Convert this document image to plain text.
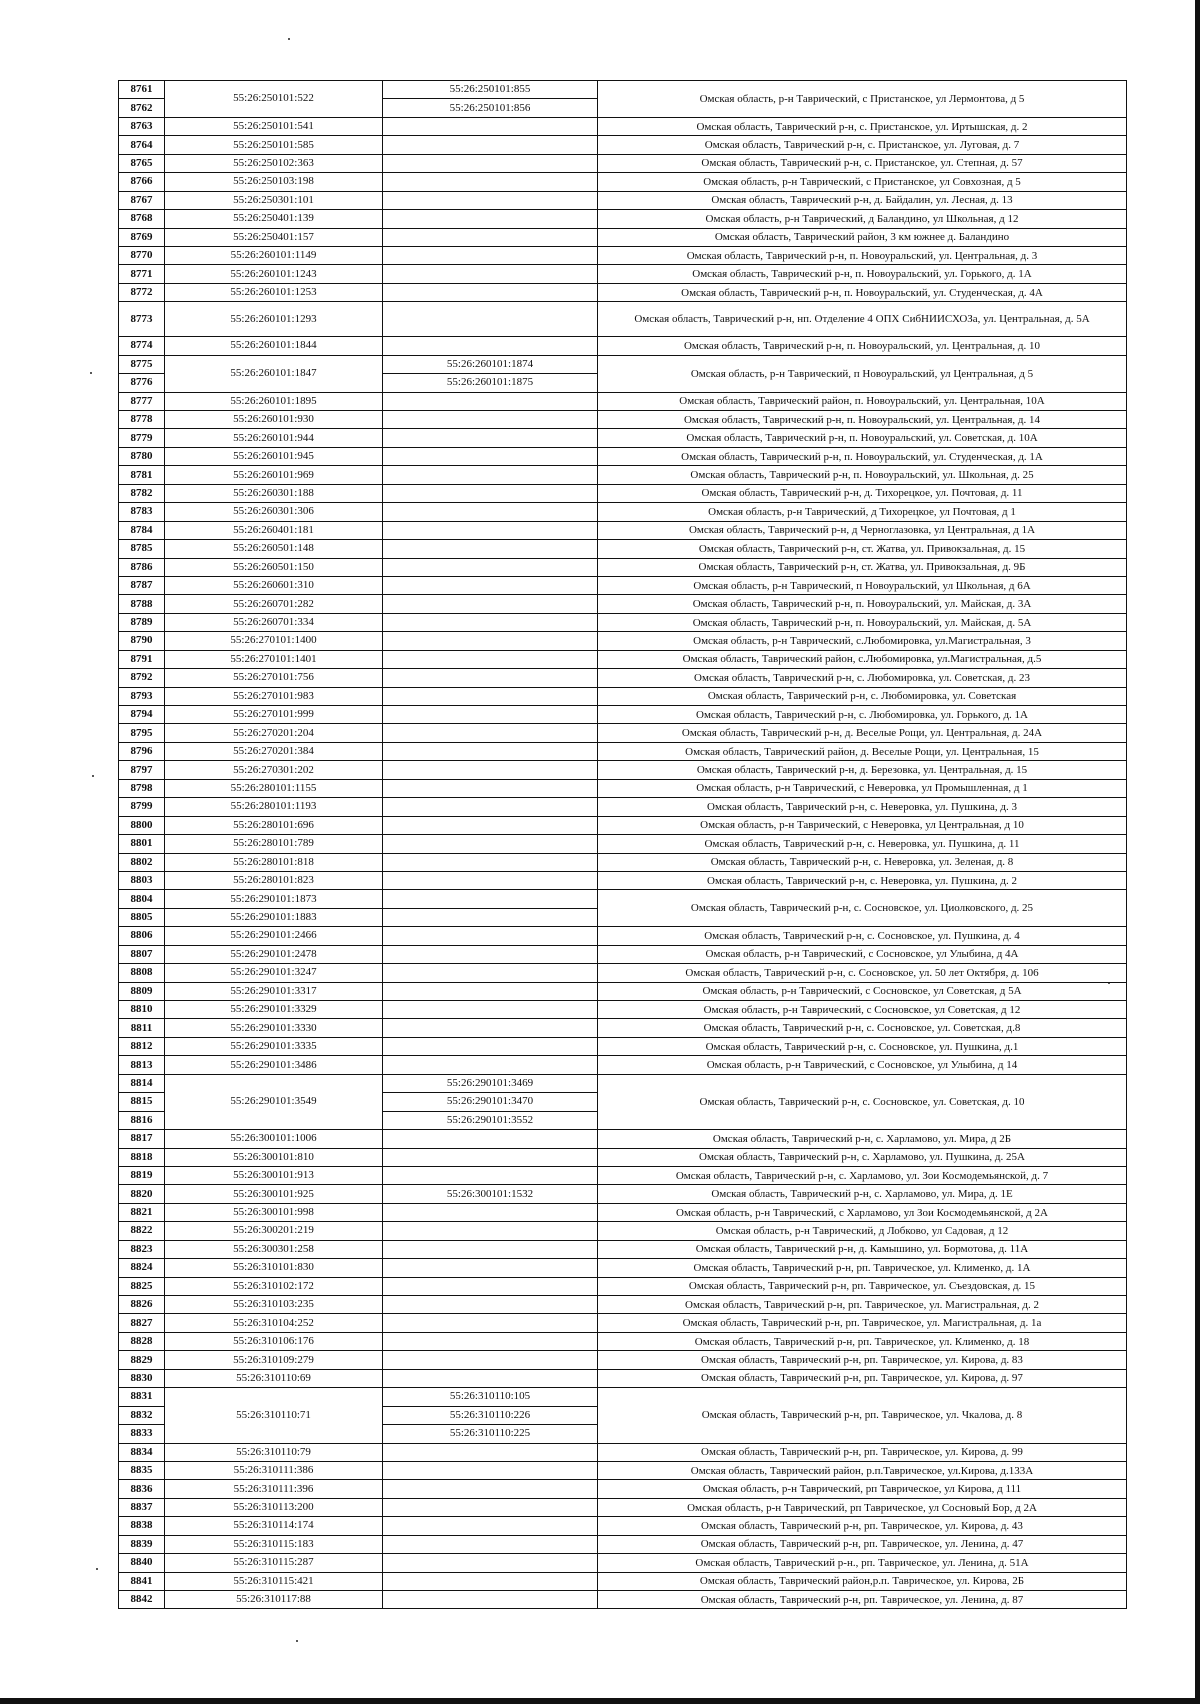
8761	55:26:250101:522	55:26:250101:855	Омская область, р-н Таврический, с Пристанское, ул Лермонтова, д 5
8762		55:26:250101:856	
8763	55:26:250101:541		Омская область, Таврический р-н, с. Пристанское, ул. Иртышская, д. 2
8764	55:26:250101:585		Омская область, Таврический р-н, с. Пристанское, ул. Луговая, д. 7
8765	55:26:250102:363		Омская область, Таврический р-н, с. Пристанское, ул. Степная, д. 57
8766	55:26:250103:198		Омская область, р-н Таврический, с Пристанское, ул Совхозная, д 5
8767	55:26:250301:101		Омская область, Таврический р-н, д. Байдалин, ул. Лесная, д. 13
8768	55:26:250401:139		Омская область, р-н Таврический, д Баландино, ул Школьная, д 12
8769	55:26:250401:157		Омская область, Таврический район, 3 км южнее д. Баландино
8770	55:26:260101:1149		Омская область, Таврический р-н, п. Новоуральский, ул. Центральная, д. 3
8771	55:26:260101:1243		Омская область, Таврический р-н, п. Новоуральский, ул. Горького, д. 1А
8772	55:26:260101:1253		Омская область, Таврический р-н, п. Новоуральский, ул. Студенческая, д. 4А
8773	55:26:260101:1293		Омская область, Таврический р-н, нп. Отделение 4 ОПХ СибНИИСХОЗа, ул. Центральная, д. 5А
8774	55:26:260101:1844		Омская область, Таврический р-н, п. Новоуральский, ул. Центральная, д. 10
8775	55:26:260101:1847	55:26:260101:1874	Омская область, р-н Таврический, п Новоуральский, ул Центральная, д 5
8776		55:26:260101:1875	
8777	55:26:260101:1895		Омская область, Таврический район, п. Новоуральский, ул. Центральная, 10А
8778	55:26:260101:930		Омская область, Таврический р-н, п. Новоуральский, ул. Центральная, д. 14
8779	55:26:260101:944		Омская область, Таврический р-н, п. Новоуральский, ул. Советская, д. 10А
8780	55:26:260101:945		Омская область, Таврический р-н, п. Новоуральский, ул. Студенческая, д. 1А
8781	55:26:260101:969		Омская область, Таврический р-н, п. Новоуральский, ул. Школьная, д. 25
8782	55:26:260301:188		Омская область, Таврический р-н, д. Тихорецкое, ул. Почтовая, д. 11
8783	55:26:260301:306		Омская область, р-н Таврический, д Тихорецкое, ул Почтовая, д 1
8784	55:26:260401:181		Омская область, Таврический р-н, д Черноглазовка, ул Центральная, д 1А
8785	55:26:260501:148		Омская область, Таврический р-н, ст. Жатва, ул. Привокзальная, д. 15
8786	55:26:260501:150		Омская область, Таврический р-н, ст. Жатва, ул. Привокзальная, д. 9Б
8787	55:26:260601:310		Омская область, р-н Таврический, п Новоуральский, ул Школьная, д 6А
8788	55:26:260701:282		Омская область, Таврический р-н, п. Новоуральский, ул. Майская, д. 3А
8789	55:26:260701:334		Омская область, Таврический р-н, п. Новоуральский, ул. Майская, д. 5А
8790	55:26:270101:1400		Омская область, р-н Таврический, с.Любомировка, ул.Магистральная, 3
8791	55:26:270101:1401		Омская область, Таврический район, с.Любомировка, ул.Магистральная, д.5
8792	55:26:270101:756		Омская область, Таврический р-н, с. Любомировка, ул. Советская, д. 23
8793	55:26:270101:983		Омская область, Таврический р-н, с. Любомировка, ул. Советская
8794	55:26:270101:999		Омская область, Таврический р-н, с. Любомировка, ул. Горького, д. 1А
8795	55:26:270201:204		Омская область, Таврический р-н, д. Веселые Рощи, ул. Центральная, д. 24А
8796	55:26:270201:384		Омская область, Таврический район, д. Веселые Рощи, ул. Центральная, 15
8797	55:26:270301:202		Омская область, Таврический р-н, д. Березовка, ул. Центральная, д. 15
8798	55:26:280101:1155		Омская область, р-н Таврический, с Неверовка, ул Промышленная, д 1
8799	55:26:280101:1193		Омская область, Таврический р-н, с. Неверовка, ул. Пушкина, д. 3
8800	55:26:280101:696		Омская область, р-н Таврический, с Неверовка, ул Центральная, д 10
8801	55:26:280101:789		Омская область, Таврический р-н, с. Неверовка, ул. Пушкина, д. 11
8802	55:26:280101:818		Омская область, Таврический р-н, с. Неверовка, ул. Зеленая, д. 8
8803	55:26:280101:823		Омская область, Таврический р-н, с. Неверовка, ул. Пушкина, д. 2
8804	55:26:290101:1873		Омская область, Таврический р-н, с. Сосновское, ул. Циолковского, д. 25
8805	55:26:290101:1883		
8806	55:26:290101:2466		Омская область, Таврический р-н, с. Сосновское, ул. Пушкина, д. 4
8807	55:26:290101:2478		Омская область, р-н Таврический, с Сосновское, ул Улыбина, д 4А
8808	55:26:290101:3247		Омская область, Таврический р-н, с. Сосновское, ул. 50 лет Октября, д. 106
8809	55:26:290101:3317		Омская область, р-н Таврический, с Сосновское, ул Советская, д 5А
8810	55:26:290101:3329		Омская область, р-н Таврический, с Сосновское, ул Советская, д 12
8811	55:26:290101:3330		Омская область, Таврический р-н, с. Сосновское, ул. Советская, д.8
8812	55:26:290101:3335		Омская область, Таврический р-н, с. Сосновское, ул. Пушкина, д.1
8813	55:26:290101:3486		Омская область, р-н Таврический, с Сосновское, ул Улыбина, д 14
8814	55:26:290101:3549	55:26:290101:3469	Омская область, Таврический р-н, с. Сосновское, ул. Советская, д. 10
8815		55:26:290101:3470	
8816		55:26:290101:3552	
8817	55:26:300101:1006		Омская область, Таврический р-н, с. Харламово, ул. Мира, д 2Б
8818	55:26:300101:810		Омская область, Таврический р-н, с. Харламово, ул. Пушкина, д. 25А
8819	55:26:300101:913		Омская область, Таврический р-н, с. Харламово, ул. Зои Космодемьянской, д. 7
8820	55:26:300101:925	55:26:300101:1532	Омская область, Таврический р-н, с. Харламово, ул. Мира, д. 1Е
8821	55:26:300101:998		Омская область, р-н Таврический, с Харламово, ул Зои Космодемьянской, д 2А
8822	55:26:300201:219		Омская область, р-н Таврический, д Лобково, ул Садовая, д 12
8823	55:26:300301:258		Омская область, Таврический р-н, д. Камышино, ул. Бормотова, д. 11А
8824	55:26:310101:830		Омская область, Таврический р-н, рп. Таврическое, ул. Клименко, д. 1А
8825	55:26:310102:172		Омская область, Таврический р-н, рп. Таврическое, ул. Съездовская, д. 15
8826	55:26:310103:235		Омская область, Таврический р-н, рп. Таврическое, ул. Магистральная, д. 2
8827	55:26:310104:252		Омская область, Таврический р-н, рп. Таврическое, ул. Магистральная, д. 1а
8828	55:26:310106:176		Омская область, Таврический р-н, рп. Таврическое, ул. Клименко, д. 18
8829	55:26:310109:279		Омская область, Таврический р-н, рп. Таврическое, ул. Кирова, д. 83
8830	55:26:310110:69		Омская область, Таврический р-н, рп. Таврическое, ул. Кирова, д. 97
8831	55:26:310110:71	55:26:310110:105	Омская область, Таврический р-н, рп. Таврическое, ул. Чкалова, д. 8
8832		55:26:310110:226	
8833		55:26:310110:225	
8834	55:26:310110:79		Омская область, Таврический р-н, рп. Таврическое, ул. Кирова, д. 99
8835	55:26:310111:386		Омская область, Таврический район, р.п.Таврическое, ул.Кирова, д.133А
8836	55:26:310111:396		Омская область, р-н Таврический, рп Таврическое, ул Кирова, д 111
8837	55:26:310113:200		Омская область, р-н Таврический, рп Таврическое, ул Сосновый Бор, д 2А
8838	55:26:310114:174		Омская область, Таврический р-н, рп. Таврическое, ул. Кирова, д. 43
8839	55:26:310115:183		Омская область, Таврический р-н, рп. Таврическое, ул. Ленина, д. 47
8840	55:26:310115:287		Омская область, Таврический р-н., рп. Таврическое, ул. Ленина, д. 51А
8841	55:26:310115:421		Омская область, Таврический район,р.п. Таврическое, ул. Кирова, 2Б
8842	55:26:310117:88		Омская область, Таврический р-н, рп. Таврическое, ул. Ленина, д. 87
